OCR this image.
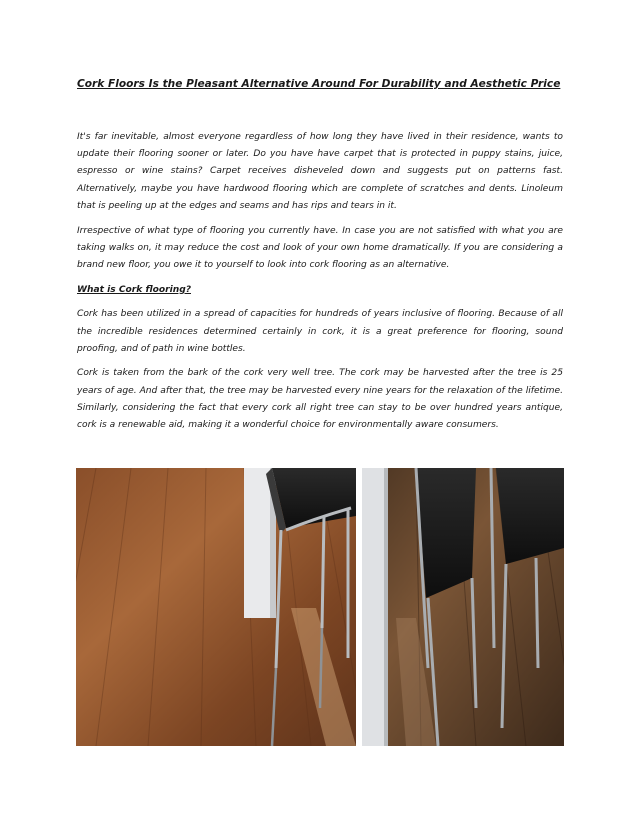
Cork Floors Is the Pleasant Alternative Around For Durability and Aesthetic Price

It's far inevitable, almost everyone regardless of how long they have lived in their residence, wants to update their flooring sooner or later. Do you have have carpet that is protected in puppy stains, juice, espresso or wine stains? Carpet receives disheveled down and suggests put on patterns fast. Alternatively, maybe you have hardwood flooring which are complete of scratches and dents. Linoleum that is peeling up at the edges and seams and has rips and tears in it.

Irrespective of what type of flooring you currently have. In case you are not satisfied with what you are taking walks on, it may reduce the cost and look of your own home dramatically. If you are considering a brand new floor, you owe it to yourself to look into cork flooring as an alternative.

What is Cork flooring?

Cork has been utilized in a spread of capacities for hundreds of years inclusive of flooring. Because of all the incredible residences determined certainly in cork, it is a great preference for flooring, sound proofing, and of path in wine bottles.

Cork is taken from the bark of the cork very well tree. The cork may be harvested after the tree is 25 years of age. And after that, the tree may be harvested every nine years for the relaxation of the lifetime. Similarly, considering the fact that every cork all right tree can stay to be over hundred years antique, cork is a renewable aid, making it a wonderful choice for environmentally aware consumers.
